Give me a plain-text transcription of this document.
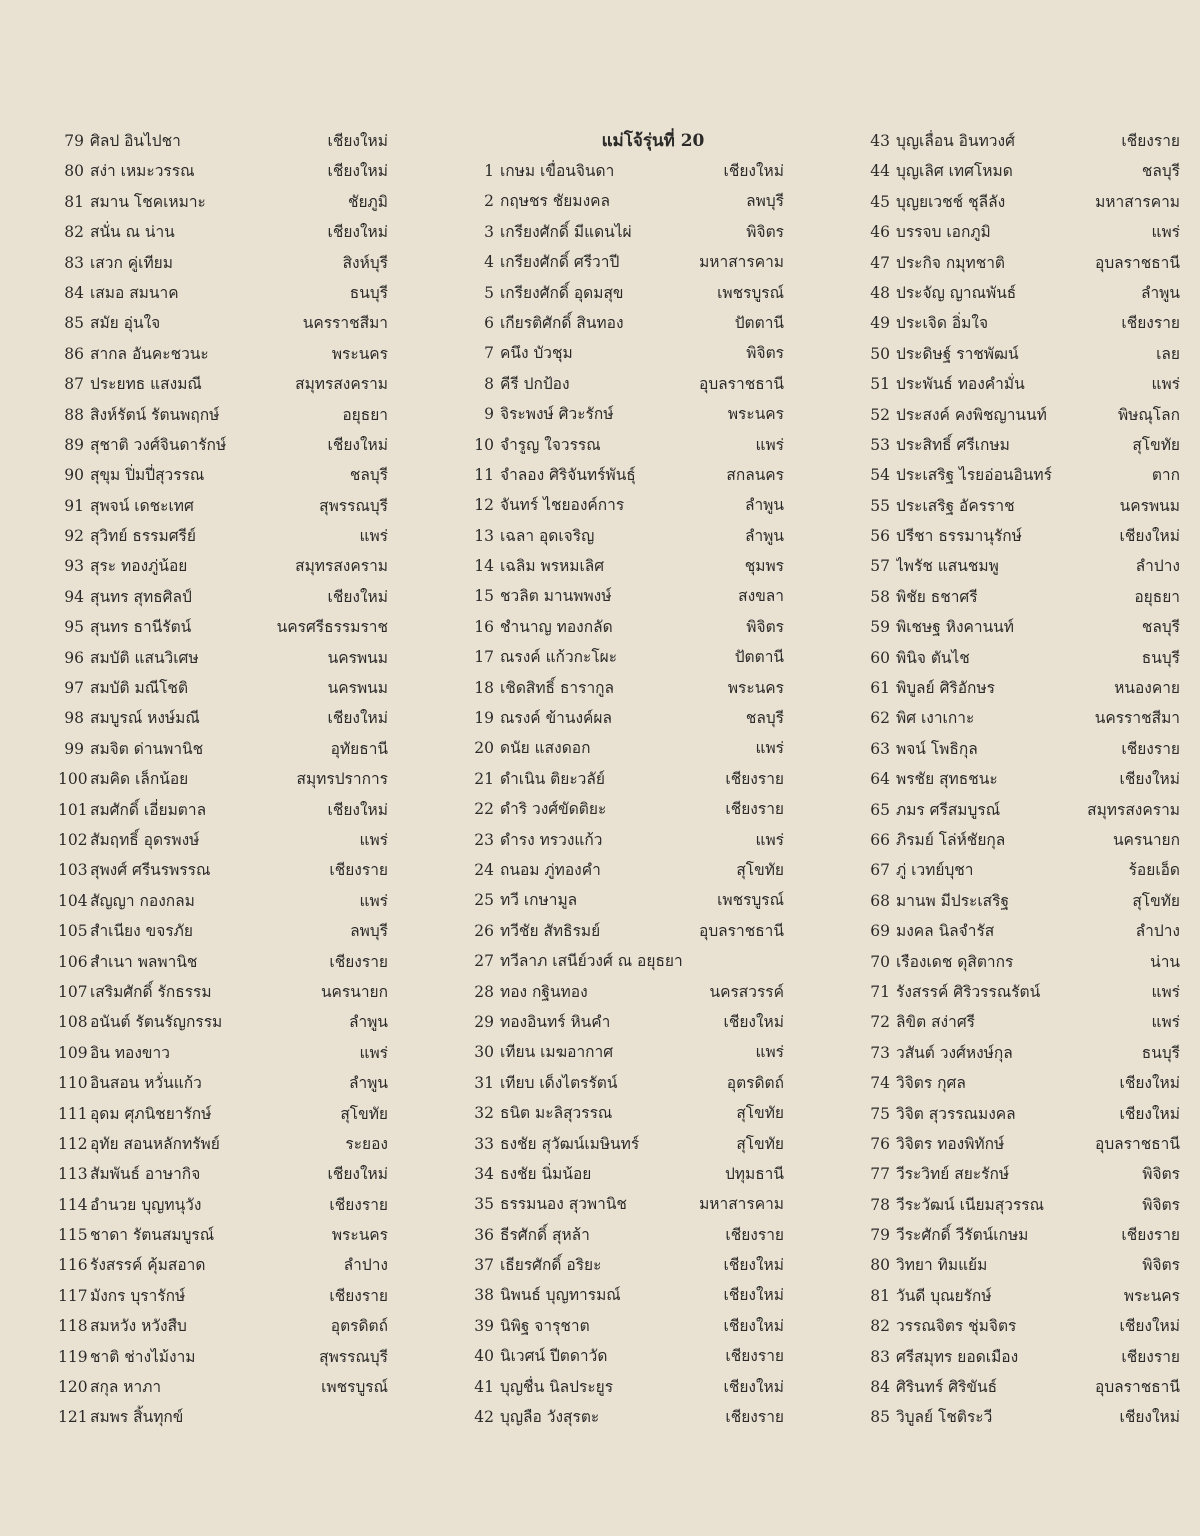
79 ศิลป อินไปชา	เชียงใหม่
80 สง่า เหมะวรรณ	เชียงใหม่
81 สมาน โชคเหมาะ	ชัยภูมิ
82 สนั่น ณ น่าน	เชียงใหม่
83 เสวก คู่เทียม	สิงห์บุรี
84 เสมอ สมนาค	ธนบุรี
85 สมัย อุ่นใจ	นครราชสีมา
86 สากล อันคะชวนะ	พระนคร
87 ประยทธ แสงมณี	สมุทรสงคราม
88 สิงห์รัตน์ รัตนพฤกษ์	อยุธยา
89 สุชาติ วงศ์จินดารักษ์	เชียงใหม่
90 สุขุม ปิ่มปี่สุวรรณ	ชลบุรี
91 สุพจน์ เดชะเทศ	สุพรรณบุรี
92 สุวิทย์ ธรรมศรีย์	แพร่
93 สุระ ทองภู่น้อย	สมุทรสงคราม
94 สุนทร สุทธศิลป์	เชียงใหม่
95 สุนทร ธานีรัตน์	นครศรีธรรมราช
96 สมบัติ แสนวิเศษ	นครพนม
97 สมบัติ มณีโชติ	นครพนม
98 สมบูรณ์ หงษ์มณี	เชียงใหม่
99 สมจิต ด่านพานิช	อุทัยธานี
100 สมคิด เล็กน้อย	สมุทรปราการ
101 สมศักดิ์ เอี่ยมตาล	เชียงใหม่
102 สัมฤทธิ์ อุดรพงษ์	แพร่
103 สุพงศ์ ศรีนรพรรณ	เชียงราย
104 สัญญา กองกลม	แพร่
105 สำเนียง ขจรภัย	ลพบุรี
106 สำเนา พลพานิช	เชียงราย
107 เสริมศักดิ์ รักธรรม	นครนายก
108 อนันต์ รัตนรัญกรรม	ลำพูน
109 อิน ทองขาว	แพร่
110 อินสอน หวั่นแก้ว	ลำพูน
111 อุดม ศุภนิชยารักษ์	สุโขทัย
112 อุทัย สอนหลักทรัพย์	ระยอง
113 สัมพันธ์ อาษากิจ	เชียงใหม่
114 อำนวย บุญทนุวัง	เชียงราย
115 ชาดา รัตนสมบูรณ์	พระนคร
116 รังสรรค์ คุ้มสอาด	ลำปาง
117 มังกร บุรารักษ์	เชียงราย
118 สมหวัง หวังสืบ	อุตรดิตถ์
119 ชาติ ช่างไม้งาม	สุพรรณบุรี
120 สกุล หาภา	เพชรบูรณ์
121 สมพร สิ้นทุกข์
แม่โจ้รุ่นที่ 20
1 เกษม เขื่อนจินดา	เชียงใหม่
2 กฤษชร ชัยมงคล	ลพบุรี
3 เกรียงศักดิ์ มีแดนไผ่	พิจิตร
4 เกรียงศักดิ์ ศรีวาปี	มหาสารคาม
5 เกรียงศักดิ์ อุดมสุข	เพชรบูรณ์
6 เกียรติศักดิ์ สินทอง	ปัตตานี
7 คนึง บัวชุม	พิจิตร
8 คีรี ปกป้อง	อุบลราชธานี
9 จิระพงษ์ ศิวะรักษ์	พระนคร
10 จำรูญ ใจวรรณ	แพร่
11 จำลอง ศิริจันทร์พันธุ์	สกลนคร
12 จันทร์ ไชยองค์การ	ลำพูน
13 เฉลา อุดเจริญ	ลำพูน
14 เฉลิม พรหมเลิศ	ชุมพร
15 ชวลิต มานพพงษ์	สงขลา
16 ชำนาญ ทองกลัด	พิจิตร
17 ณรงค์ แก้วกะโผะ	ปัตตานี
18 เชิดสิทธิ์ ธารากูล	พระนคร
19 ณรงค์ ข้านงค์ผล	ชลบุรี
20 ดนัย แสงดอก	แพร่
21 ดำเนิน ติยะวลัย์	เชียงราย
22 ดำริ วงศ์ขัดติยะ	เชียงราย
23 ดำรง ทรวงแก้ว	แพร่
24 ถนอม ภู่ทองคำ	สุโขทัย
25 ทวี เกษามูล	เพชรบูรณ์
26 ทวีชัย สัทธิรมย์	อุบลราชธานี
27 ทวีลาภ เสนีย์วงศ์ ณ อยุธยา
28 ทอง กฐินทอง	นครสวรรค์
29 ทองอินทร์ หินคำ	เชียงใหม่
30 เทียน เมฆอากาศ	แพร่
31 เทียบ เด็งไตรรัตน์	อุตรดิตถ์
32 ธนิต มะลิสุวรรณ	สุโขทัย
33 ธงชัย สุวัฒน์เมษินทร์	สุโขทัย
34 ธงชัย นิ่มน้อย	ปทุมธานี
35 ธรรมนอง สุวพานิช	มหาสารคาม
36 ธีรศักดิ์ สุหล้า	เชียงราย
37 เธียรศักดิ์ อริยะ	เชียงใหม่
38 นิพนธ์ บุญทารมณ์	เชียงใหม่
39 นิพิฐ จารุชาต	เชียงใหม่
40 นิเวศน์ ปีตดาวัด	เชียงราย
41 บุญชื่น นิลประยูร	เชียงใหม่
42 บุญลือ วังสุรตะ	เชียงราย
43 บุญเลื่อน อินทวงศ์	เชียงราย
44 บุญเลิศ เทศโหมด	ชลบุรี
45 บุญยเวชช์ ชุลีลัง	มหาสารคาม
46 บรรจบ เอกภูมิ	แพร่
47 ประกิจ กมุทชาติ	อุบลราชธานี
48 ประจัญ ญาณพันธ์	ลำพูน
49 ประเจิด อิ่มใจ	เชียงราย
50 ประดิษฐ์ ราชพัฒน์	เลย
51 ประพันธ์ ทองคำมั่น	แพร่
52 ประสงค์ คงพิชญานนท์	พิษณุโลก
53 ประสิทธิ์ ศรีเกษม	สุโขทัย
54 ประเสริฐ ไรยอ่อนอินทร์	ตาก
55 ประเสริฐ อัครราช	นครพนม
56 ปรีชา ธรรมานุรักษ์	เชียงใหม่
57 ไพรัช แสนชมพู	ลำปาง
58 พิชัย ธชาศรี	อยุธยา
59 พิเชษฐ หิงคานนท์	ชลบุรี
60 พินิจ ตันไช	ธนบุรี
61 พิบูลย์ ศิริอักษร	หนองคาย
62 พิศ เงาเกาะ	นครราชสีมา
63 พจน์ โพธิกุล	เชียงราย
64 พรชัย สุทธชนะ	เชียงใหม่
65 ภมร ศรีสมบูรณ์	สมุทรสงคราม
66 ภิรมย์ โล่ห์ชัยกุล	นครนายก
67 ภู่ เวทย์บุชา	ร้อยเอ็ด
68 มานพ มีประเสริฐ	สุโขทัย
69 มงคล นิลจำรัส	ลำปาง
70 เรืองเดช ดุสิตากร	น่าน
71 รังสรรค์ ศิริวรรณรัตน์	แพร่
72 ลิขิต สง่าศรี	แพร่
73 วสันต์ วงศ์หงษ์กุล	ธนบุรี
74 วิจิตร กุศล	เชียงใหม่
75 วิจิต สุวรรณมงคล	เชียงใหม่
76 วิจิตร ทองพิทักษ์	อุบลราชธานี
77 วีระวิทย์ สยะรักษ์	พิจิตร
78 วีระวัฒน์ เนียมสุวรรณ	พิจิตร
79 วีระศักดิ์ วีรัตน์เกษม	เชียงราย
80 วิทยา ทิมแย้ม	พิจิตร
81 วันดี บุณยรักษ์	พระนคร
82 วรรณจิตร ชุ่มจิตร	เชียงใหม่
83 ศรีสมุทร ยอดเมือง	เชียงราย
84 ศิรินทร์ ศิริขันธ์	อุบลราชธานี
85 วิบูลย์ โชติระวี	เชียงใหม่
